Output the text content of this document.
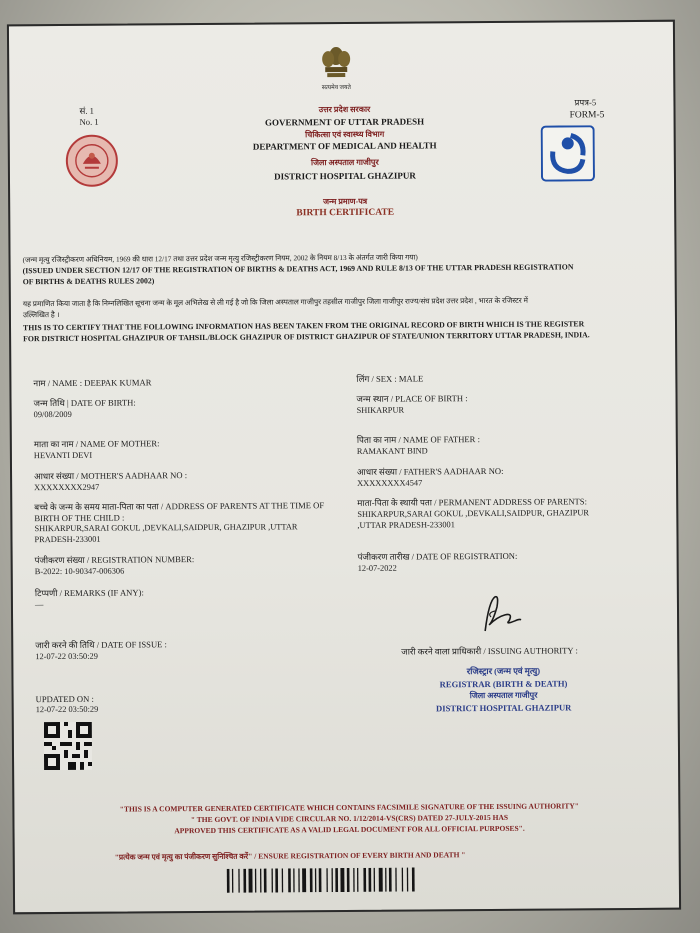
सत्यमेव जयते
सं. 1
No. 1
प्रपत्र-5
FORM-5
उत्तर प्रदेश सरकार
GOVERNMENT OF UTTAR PRADESH
चिकित्सा एवं स्वास्थ्य विभाग
DEPARTMENT OF MEDICAL AND HEALTH
जिला अस्पताल गाजीपुर
DISTRICT HOSPITAL GHAZIPUR
जन्म प्रमाण-पत्र
BIRTH CERTIFICATE
(जन्म मृत्यु रजिस्ट्रीकरण अधिनियम, 1969 की धारा 12/17 तथा उत्तर प्रदेश जन्म मृत्यु रजिस्ट्रीकरण नियम, 2002 के नियम 8/13 के अंतर्गत जारी किया गया)
(ISSUED UNDER SECTION 12/17 OF THE REGISTRATION OF BIRTHS & DEATHS ACT, 1969 AND RULE 8/13 OF THE UTTAR PRADESH REGISTRATION
OF BIRTHS & DEATHS RULES 2002)
यह प्रमाणित किया जाता है कि निम्नलिखित सूचना जन्म के मूल अभिलेख से ली गई है जो कि जिला अस्पताल गाजीपुर तहसील गाजीपुर जिला गाजीपुर राज्य/संघ प्रदेश उत्तर प्रदेश , भारत के रजिस्टर में
उल्लिखित है ।
THIS IS TO CERTIFY THAT THE FOLLOWING INFORMATION HAS BEEN TAKEN FROM THE ORIGINAL RECORD OF BIRTH WHICH IS THE REGISTER
FOR DISTRICT HOSPITAL GHAZIPUR OF TAHSIL/BLOCK GHAZIPUR OF DISTRICT GHAZIPUR OF STATE/UNION TERRITORY UTTAR PRADESH, INDIA.
नाम / NAME : DEEPAK KUMAR
जन्म तिथि | DATE OF BIRTH:
09/08/2009
माता का नाम / NAME OF MOTHER:
HEVANTI DEVI
आधार संख्या / MOTHER'S AADHAAR NO :
XXXXXXXX2947
बच्चे के जन्म के समय माता-पिता का पता / ADDRESS OF PARENTS AT THE TIME OF
BIRTH OF THE CHILD :
SHIKARPUR,SARAI GOKUL ,DEVKALI,SAIDPUR, GHAZIPUR ,UTTAR
PRADESH-233001
पंजीकरण संख्या / REGISTRATION NUMBER:
B-2022: 10-90347-006306
टिप्पणी / REMARKS (IF ANY):
—
जारी करने की तिथि / DATE OF ISSUE :
12-07-22 03:50:29
UPDATED ON :
12-07-22 03:50:29
लिंग / SEX : MALE
जन्म स्थान / PLACE OF BIRTH :
SHIKARPUR
पिता का नाम / NAME OF FATHER :
RAMAKANT BIND
आधार संख्या / FATHER'S AADHAAR NO:
XXXXXXXX4547
माता-पिता के स्थायी पता / PERMANENT ADDRESS OF PARENTS:
SHIKARPUR,SARAI GOKUL ,DEVKALI,SAIDPUR, GHAZIPUR
,UTTAR PRADESH-233001
पंजीकरण तारीख / DATE OF REGISTRATION:
12-07-2022
जारी करने वाला प्राधिकारी / ISSUING AUTHORITY :
रजिस्ट्रार (जन्म एवं मृत्यु)
REGISTRAR (BIRTH & DEATH)
जिला अस्पताल गाजीपुर
DISTRICT HOSPITAL GHAZIPUR
"THIS IS A COMPUTER GENERATED CERTIFICATE WHICH CONTAINS FACSIMILE SIGNATURE OF THE ISSUING AUTHORITY"
" THE GOVT. OF INDIA VIDE CIRCULAR NO. 1/12/2014-VS(CRS) DATED 27-JULY-2015 HAS
APPROVED THIS CERTIFICATE AS A VALID LEGAL DOCUMENT FOR ALL OFFICIAL PURPOSES".
"प्रत्येक जन्म एवं मृत्यु का पंजीकरण सुनिश्चित करें" / ENSURE REGISTRATION OF EVERY BIRTH AND DEATH "
